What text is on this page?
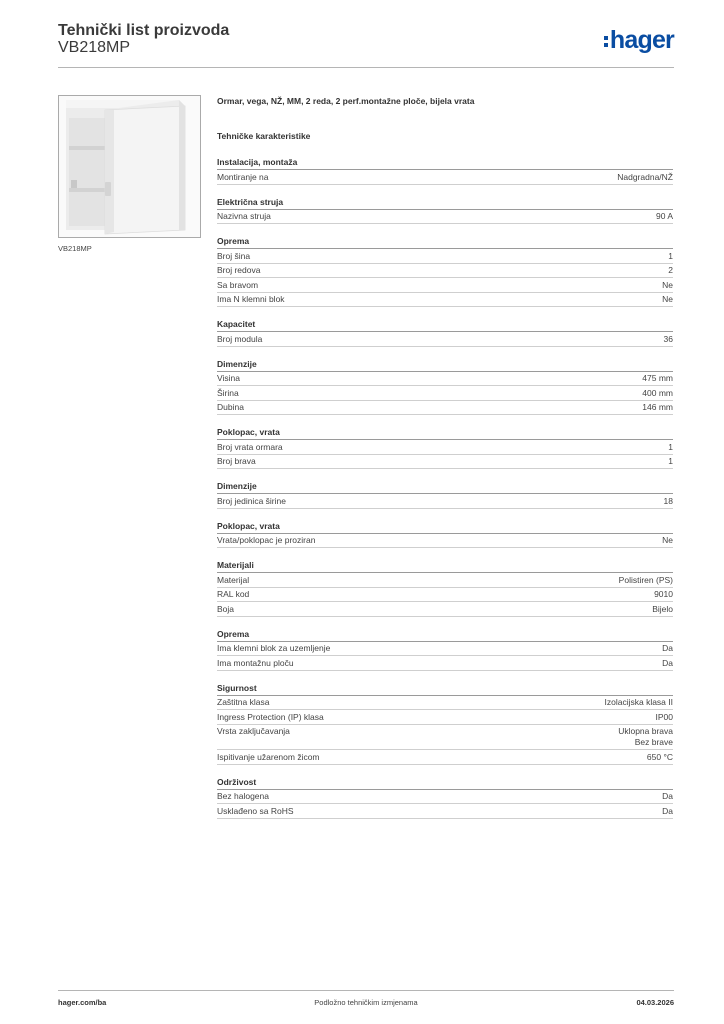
Tehnički list proizvoda
VB218MP	hager
VB218MP
Ormar, vega, NŽ, MM, 2 reda, 2 perf.montažne ploče, bijela vrata
Tehničke karakteristike
Instalacija, montaža
Montiranje na	Nadgradna/NŽ
Električna struja
Nazivna struja	90 A
Oprema
Broj šina	1
Broj redova	2
Sa bravom	Ne
Ima N klemni blok	Ne
Kapacitet
Broj modula	36
Dimenzije
Visina	475 mm
Širina	400 mm
Dubina	146 mm
Poklopac, vrata
Broj vrata ormara	1
Broj brava	1
Dimenzije
Broj jedinica širine	18
Poklopac, vrata
Vrata/poklopac je proziran	Ne
Materijali
Materijal	Polistiren (PS)
RAL kod	9010
Boja	Bijelo
Oprema
Ima klemni blok za uzemljenje	Da
Ima montažnu ploču	Da
Sigurnost
Zaštitna klasa	Izolacijska klasa II
Ingress Protection (IP) klasa	IP00
Vrsta zaključavanja	Uklopna brava
Bez brave
Ispitivanje užarenom žicom	650 °C
Održivost
Bez halogena	Da
Usklađeno sa RoHS	Da
hager.com/ba	Podložno tehničkim izmjenama	04.03.2026
